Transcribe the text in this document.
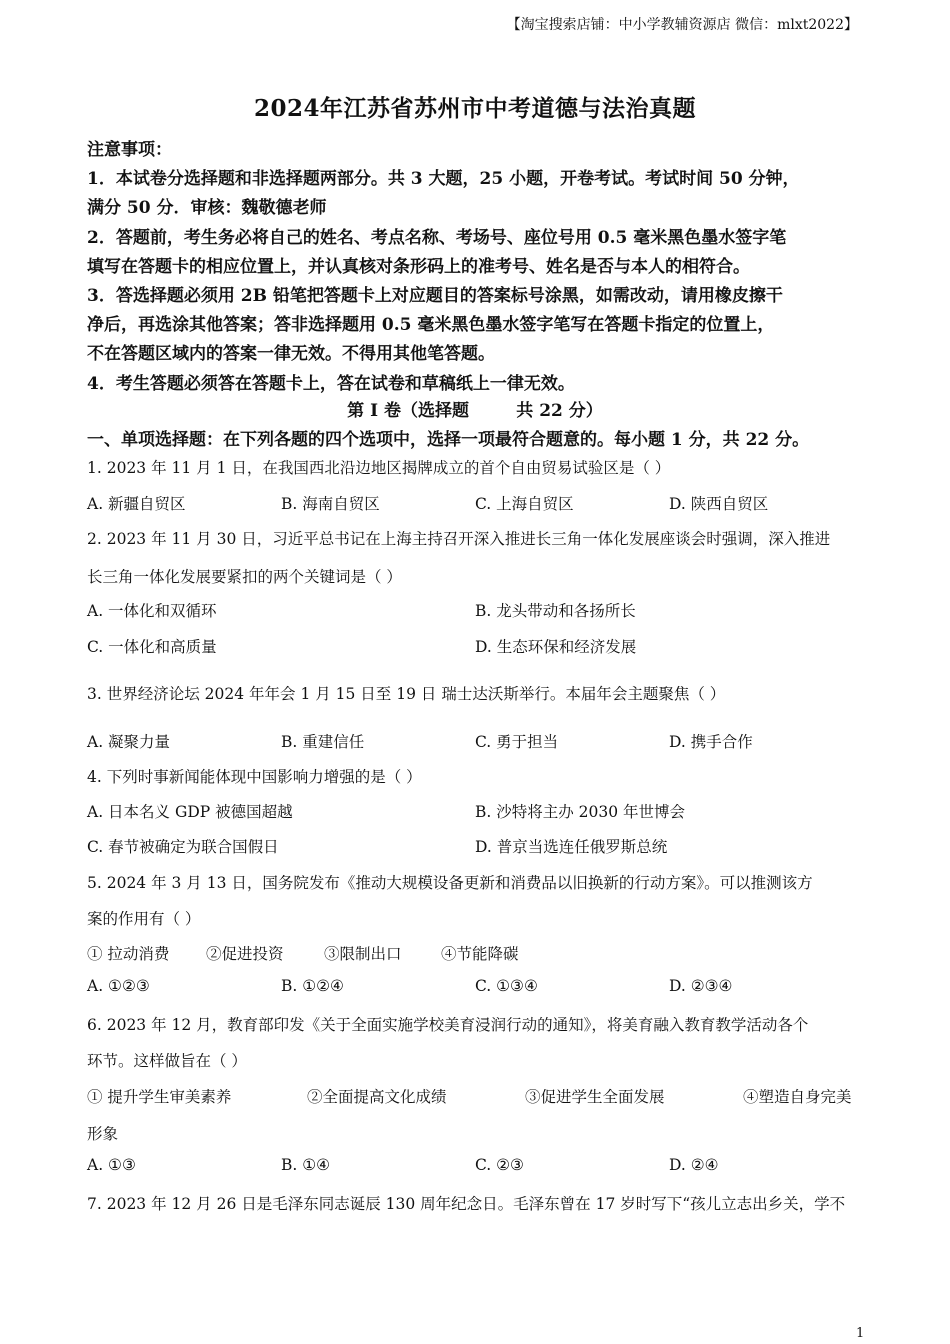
【淘宝搜索店铺：中小学教辅资源店 微信：mlxt2022】
2024年江苏省苏州市中考道德与法治真题
注意事项：
1．本试卷分选择题和非选择题两部分。共 3 大题，25 小题，开卷考试。考试时间 50 分钟，
满分 50 分．审核：魏敬德老师
2．答题前，考生务必将自己的姓名、考点名称、考场号、座位号用 0.5 毫米黑色墨水签字笔
填写在答题卡的相应位置上，并认真核对条形码上的准考号、姓名是否与本人的相符合。
3．答选择题必须用 2B 铅笔把答题卡上对应题目的答案标号涂黑，如需改动，请用橡皮擦干
净后，再选涂其他答案；答非选择题用 0.5 毫米黑色墨水签字笔写在答题卡指定的位置上，
不在答题区域内的答案一律无效。不得用其他笔答题。
4．考生答题必须答在答题卡上，答在试卷和草稿纸上一律无效。
第 I 卷（选择题        共 22 分）
一、单项选择题：在下列各题的四个选项中，选择一项最符合题意的。每小题 1 分，共 22 分。
1. 2023 年 11 月 1 日，在我国西北沿边地区揭牌成立的首个自由贸易试验区是（ ）
A. 新疆自贸区	B. 海南自贸区	C. 上海自贸区	D. 陕西自贸区
2. 2023 年 11 月 30 日，习近平总书记在上海主持召开深入推进长三角一体化发展座谈会时强调，深入推进
长三角一体化发展要紧扣的两个关键词是（ ）
A. 一体化和双循环	B. 龙头带动和各扬所长
C. 一体化和高质量	D. 生态环保和经济发展
3. 世界经济论坛 2024 年年会 1 月 15 日至 19 日 瑞士达沃斯举行。本届年会主题聚焦（ ）
A. 凝聚力量	B. 重建信任	C. 勇于担当	D. 携手合作
4. 下列时事新闻能体现中国影响力增强的是（ ）
A. 日本名义 GDP 被德国超越	B. 沙特将主办 2030 年世博会
C. 春节被确定为联合国假日	D. 普京当选连任俄罗斯总统
5. 2024 年 3 月 13 日，国务院发布《推动大规模设备更新和消费品以旧换新的行动方案》。可以推测该方
案的作用有（ ）
① 拉动消费 ②促进投资	③限制出口	④节能降碳
A. ①②③	B. ①②④	C. ①③④	D. ②③④
6. 2023 年 12 月，教育部印发《关于全面实施学校美育浸润行动的通知》，将美育融入教育教学活动各个
环节。这样做旨在（ ）
① 提升学生审美素养	②全面提高文化成绩	③促进学生全面发展	④塑造自身完美
形象
A. ①③	B. ①④	C. ②③	D. ②④
7. 2023 年 12 月 26 日是毛泽东同志诞辰 130 周年纪念日。毛泽东曾在 17 岁时写下“孩儿立志出乡关，学不
1
